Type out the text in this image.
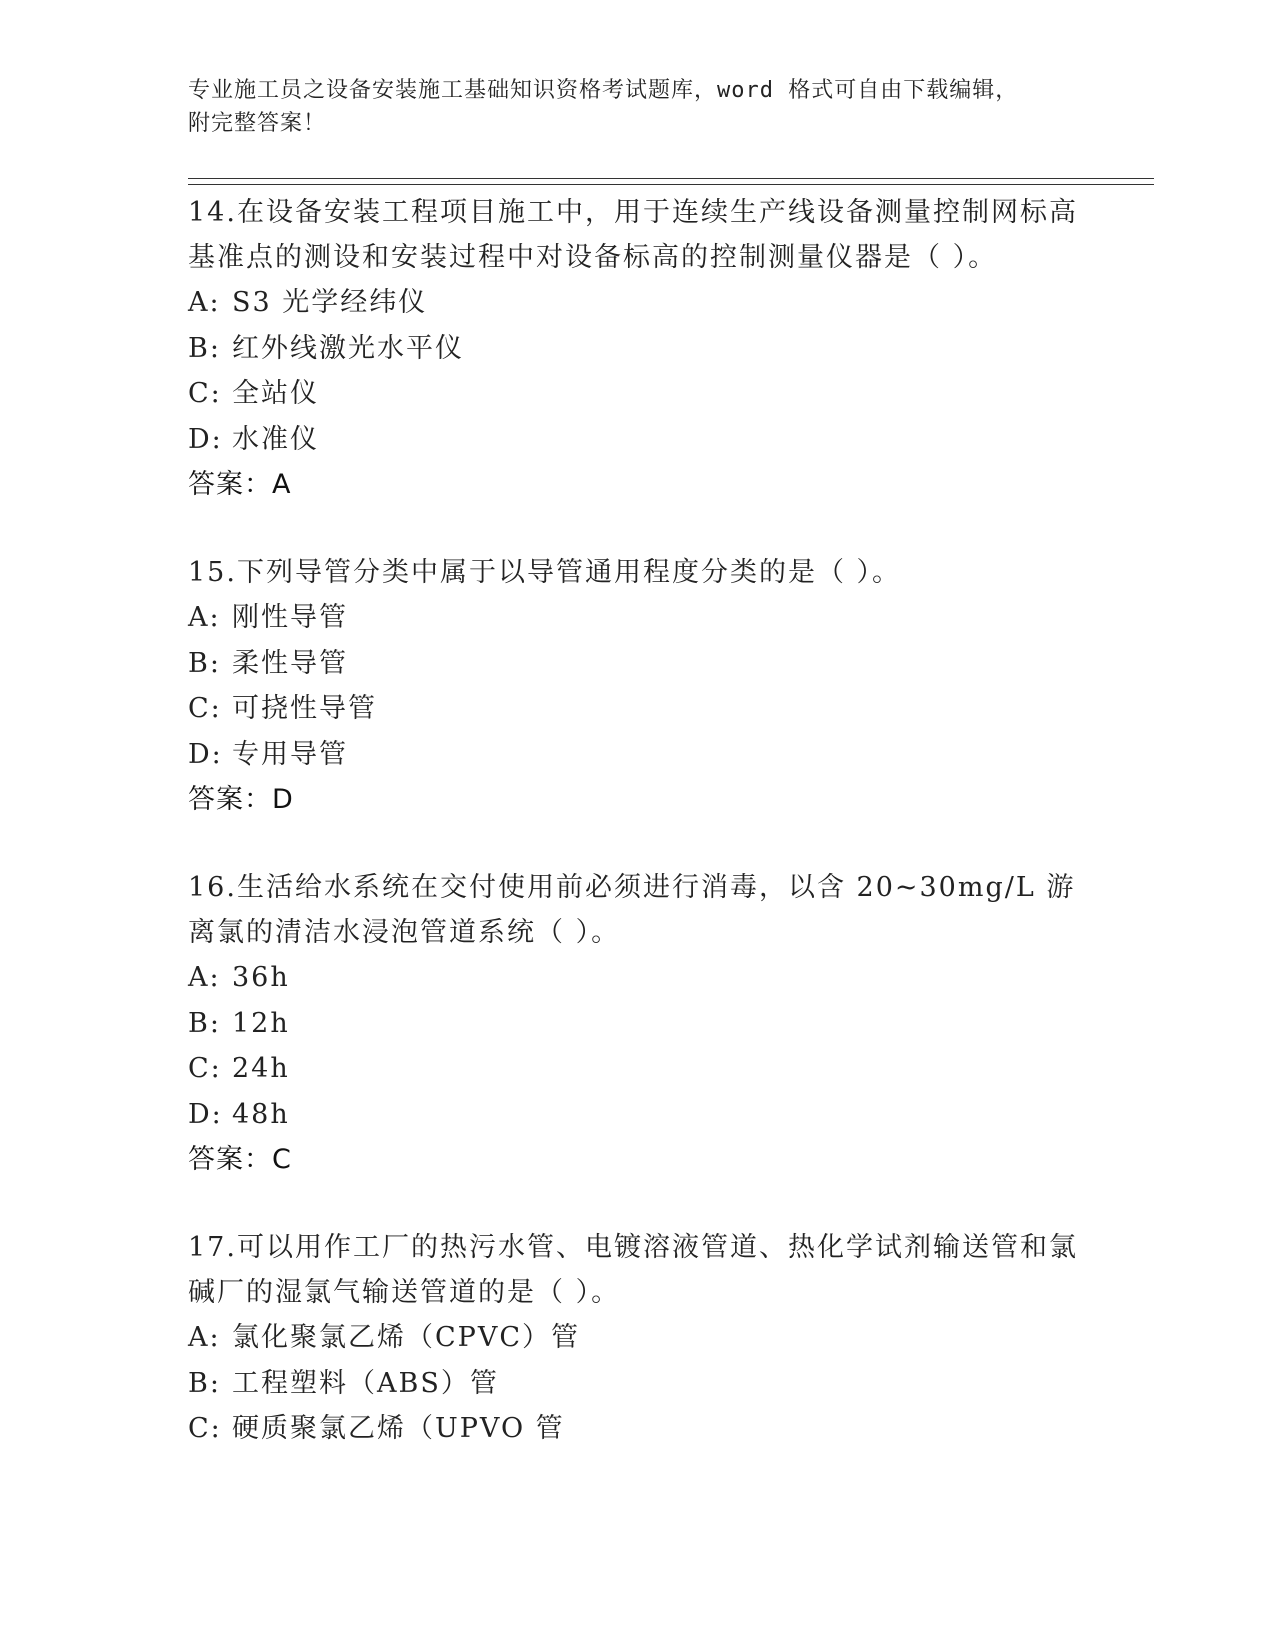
专业施工员之设备安装施工基础知识资格考试题库，word 格式可自由下载编辑，
附完整答案！
14.在设备安装工程项目施工中，用于连续生产线设备测量控制网标高基准点的测设和安装过程中对设备标高的控制测量仪器是（ ）。
A: S3 光学经纬仪
B: 红外线激光水平仪
C: 全站仪
D: 水准仪
答案：A
15.下列导管分类中属于以导管通用程度分类的是（ ）。
A: 刚性导管
B: 柔性导管
C: 可挠性导管
D: 专用导管
答案：D
16.生活给水系统在交付使用前必须进行消毒，以含 20~30mg/L 游离氯的清洁水浸泡管道系统（ ）。
A: 36h
B: 12h
C: 24h
D: 48h
答案：C
17.可以用作工厂的热污水管、电镀溶液管道、热化学试剂输送管和氯碱厂的湿氯气输送管道的是（ ）。
A: 氯化聚氯乙烯（CPVC）管
B: 工程塑料（ABS）管
C: 硬质聚氯乙烯（UPVO 管
